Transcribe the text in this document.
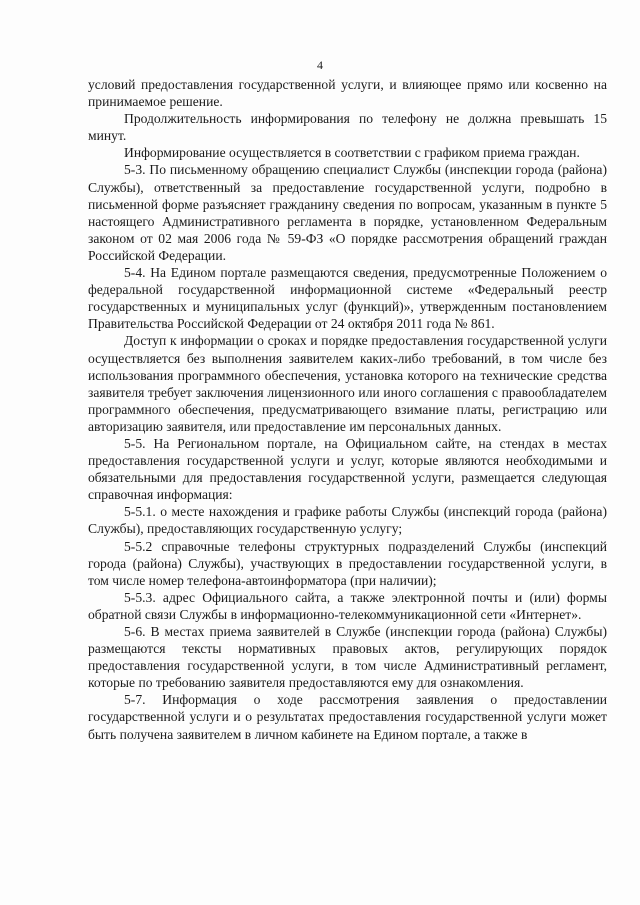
4

условий предоставления государственной услуги, и влияющее прямо или косвенно на принимаемое решение.

Продолжительность информирования по телефону не должна превышать 15 минут.

Информирование осуществляется в соответствии с графиком приема граждан.

5-3. По письменному обращению специалист Службы (инспекции города (района) Службы), ответственный за предоставление государственной услуги, подробно в письменной форме разъясняет гражданину сведения по вопросам, указанным в пункте 5 настоящего Административного регламента в порядке, установленном Федеральным законом от 02 мая 2006 года № 59-ФЗ «О порядке рассмотрения обращений граждан Российской Федерации.

5-4. На Едином портале размещаются сведения, предусмотренные Положением о федеральной государственной информационной системе «Федеральный реестр государственных и муниципальных услуг (функций)», утвержденным постановлением Правительства Российской Федерации от 24 октября 2011 года № 861.

Доступ к информации о сроках и порядке предоставления государственной услуги осуществляется без выполнения заявителем каких-либо требований, в том числе без использования программного обеспечения, установка которого на технические средства заявителя требует заключения лицензионного или иного соглашения с правообладателем программного обеспечения, предусматривающего взимание платы, регистрацию или авторизацию заявителя, или предоставление им персональных данных.

5-5. На Региональном портале, на Официальном сайте, на стендах в местах предоставления государственной услуги и услуг, которые являются необходимыми и обязательными для предоставления государственной услуги, размещается следующая справочная информация:

5-5.1. о месте нахождения и графике работы Службы (инспекций города (района) Службы), предоставляющих государственную услугу;

5-5.2 справочные телефоны структурных подразделений Службы (инспекций города (района) Службы), участвующих в предоставлении государственной услуги, в том числе номер телефона-автоинформатора (при наличии);

5-5.3. адрес Официального сайта, а также электронной почты и (или) формы обратной связи Службы в информационно-телекоммуникационной сети «Интернет».

5-6. В местах приема заявителей в Службе (инспекции города (района) Службы) размещаются тексты нормативных правовых актов, регулирующих порядок предоставления государственной услуги, в том числе Административный регламент, которые по требованию заявителя предоставляются ему для ознакомления.

5-7. Информация о ходе рассмотрения заявления о предоставлении государственной услуги и о результатах предоставления государственной услуги может быть получена заявителем в личном кабинете на Едином портале, а также в
